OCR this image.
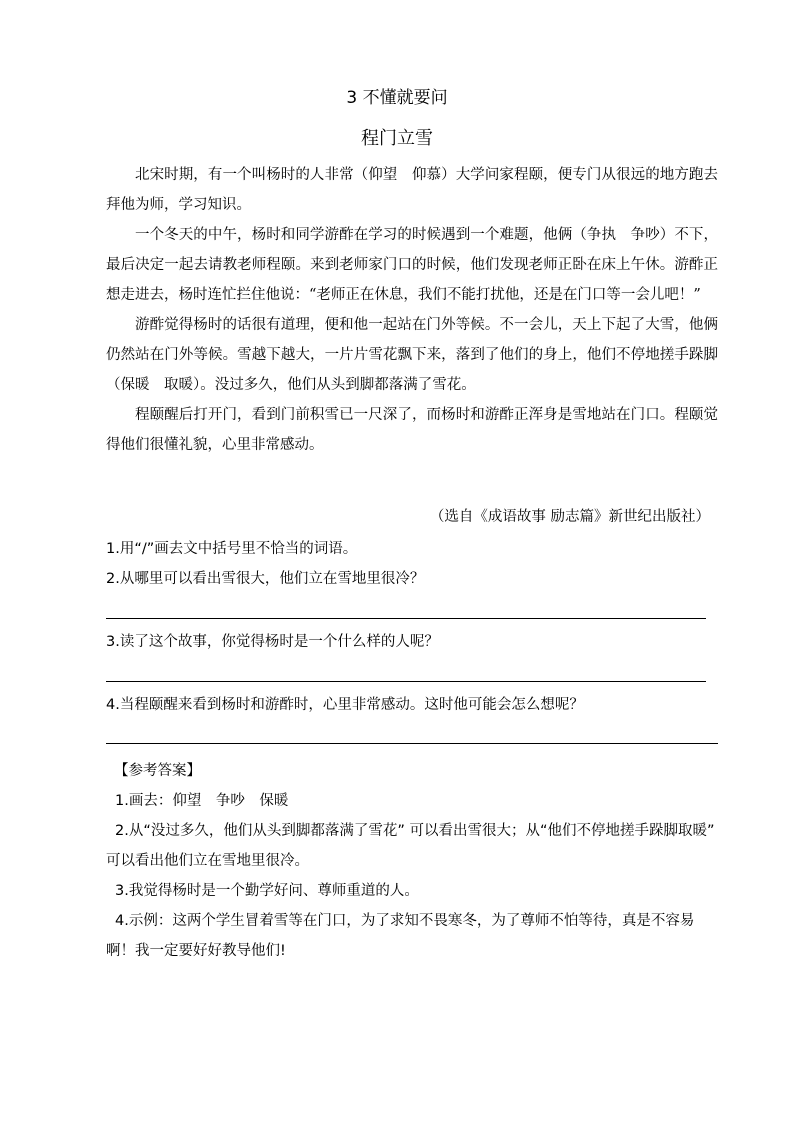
3 不懂就要问
程门立雪

北宋时期，有一个叫杨时的人非常（仰望　仰慕）大学问家程颐，便专门从很远的地方跑去拜他为师，学习知识。

一个冬天的中午，杨时和同学游酢在学习的时候遇到一个难题，他俩（争执　争吵）不下，最后决定一起去请教老师程颐。来到老师家门口的时候，他们发现老师正卧在床上午休。游酢正想走进去，杨时连忙拦住他说：“老师正在休息，我们不能打扰他，还是在门口等一会儿吧！”

游酢觉得杨时的话很有道理，便和他一起站在门外等候。不一会儿，天上下起了大雪，他俩仍然站在门外等候。雪越下越大，一片片雪花飘下来，落到了他们的身上，他们不停地搓手跺脚（保暖　取暖）。没过多久，他们从头到脚都落满了雪花。

程颐醒后打开门，看到门前积雪已一尺深了，而杨时和游酢正浑身是雪地站在门口。程颐觉得他们很懂礼貌，心里非常感动。

（选自《成语故事 励志篇》新世纪出版社）
1.用“/”画去文中括号里不恰当的词语。
2.从哪里可以看出雪很大，他们立在雪地里很冷？
3.读了这个故事，你觉得杨时是一个什么样的人呢？
4.当程颐醒来看到杨时和游酢时，心里非常感动。这时他可能会怎么想呢？

【参考答案】

1.画去：仰望　争吵　保暖

2.从“没过多久，他们从头到脚都落满了雪花” 可以看出雪很大；从“他们不停地搓手跺脚取暖” 可以看出他们立在雪地里很冷。

3.我觉得杨时是一个勤学好问、尊师重道的人。

4.示例：这两个学生冒着雪等在门口，为了求知不畏寒冬，为了尊师不怕等待，真是不容易啊！我一定要好好教导他们!
